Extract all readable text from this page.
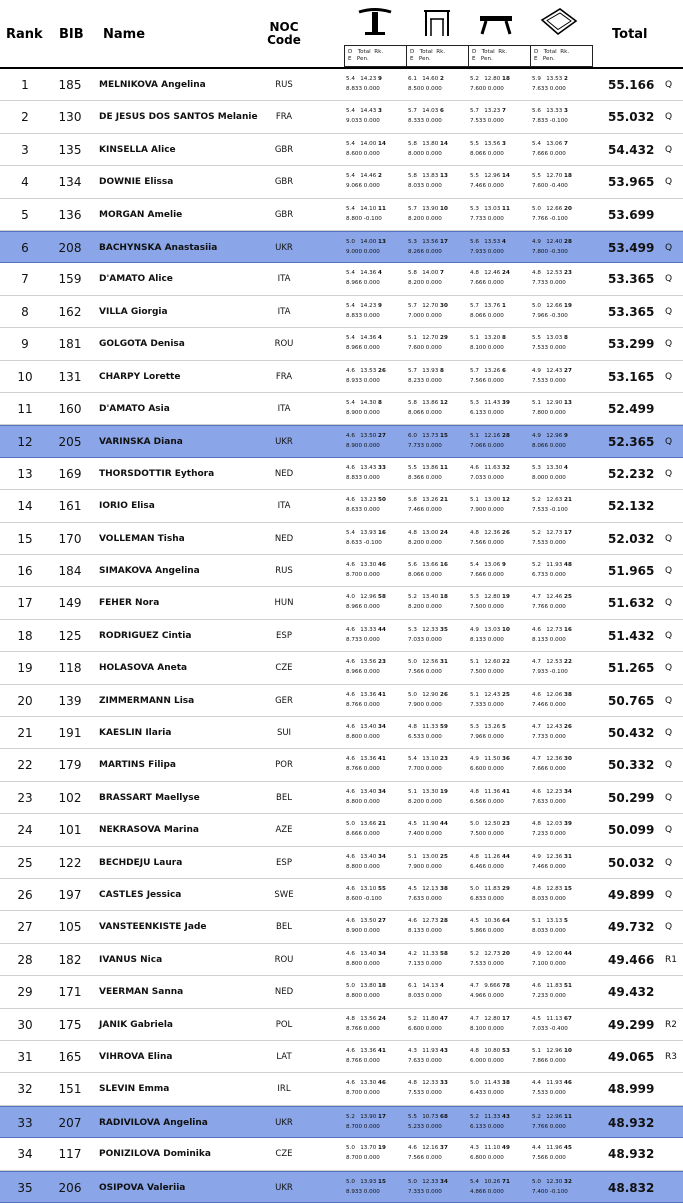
Rank BIB Name	NOC
Code	Total
D   Total  Rk.
E   Pen.
D   Total  Rk.
E   Pen.
D   Total  Rk.
E   Pen.
D   Total  Rk.
E   Pen.
1	185	MELNIKOVA Angelina	RUS
5.4 14.23 9
8.833 0.000
6.1 14.60 2
8.500 0.000
5.2 12.80 18
7.600 0.000
5.9 13.53 2
7.633 0.000	55.166 Q
2	130	DE JESUS DOS SANTOS Melanie	FRA
5.4 14.43 3
9.033 0.000
5.7 14.03 6
8.333 0.000
5.7 13.23 7
7.533 0.000
5.6 13.33 3
7.833 -0.100	55.032 Q
3	135	KINSELLA Alice	GBR
5.4 14.00 14
8.600 0.000
5.8 13.80 14
8.000 0.000
5.5 13.56 3
8.066 0.000
5.4 13.06 7
7.666 0.000	54.432 Q
4	134	DOWNIE Elissa	GBR
5.4 14.46 2
9.066 0.000
5.8 13.83 13
8.033 0.000
5.5 12.96 14
7.466 0.000
5.5 12.70 18
7.600 -0.400	53.965 Q
5	136	MORGAN Amelie	GBR
5.4 14.10 11
8.800 -0.100
5.7 13.90 10
8.200 0.000
5.3 13.03 11
7.733 0.000
5.0 12.66 20
7.766 -0.100	53.699
6	208	BACHYNSKA Anastasiia	UKR
5.0 14.00 13
9.000 0.000
5.3 13.56 17
8.266 0.000
5.6 13.53 4
7.933 0.000
4.9 12.40 28
7.800 -0.300	53.499 Q
7	159	D'AMATO Alice	ITA
5.4 14.36 4
8.966 0.000
5.8 14.00 7
8.200 0.000
4.8 12.46 24
7.666 0.000
4.8 12.53 23
7.733 0.000	53.365 Q
8	162	VILLA Giorgia	ITA
5.4 14.23 9
8.833 0.000
5.7 12.70 30
7.000 0.000
5.7 13.76 1
8.066 0.000
5.0 12.66 19
7.966 -0.300	53.365 Q
9	181	GOLGOTA Denisa	ROU
5.4 14.36 4
8.966 0.000
5.1 12.70 29
7.600 0.000
5.1 13.20 8
8.100 0.000
5.5 13.03 8
7.533 0.000	53.299 Q
10	131	CHARPY Lorette	FRA
4.6 13.53 26
8.933 0.000
5.7 13.93 8
8.233 0.000
5.7 13.26 6
7.566 0.000
4.9 12.43 27
7.533 0.000	53.165 Q
11	160	D'AMATO Asia	ITA
5.4 14.30 8
8.900 0.000
5.8 13.86 12
8.066 0.000
5.3 11.43 39
6.133 0.000
5.1 12.90 13
7.800 0.000	52.499
12	205	VARINSKA Diana	UKR
4.6 13.50 27
8.900 0.000
6.0 13.73 15
7.733 0.000
5.1 12.16 28
7.066 0.000
4.9 12.96 9
8.066 0.000	52.365 Q
13	169	THORSDOTTIR Eythora	NED
4.6 13.43 33
8.833 0.000
5.5 13.86 11
8.366 0.000
4.6 11.63 32
7.033 0.000
5.3 13.30 4
8.000 0.000	52.232 Q
14	161	IORIO Elisa	ITA
4.6 13.23 50
8.633 0.000
5.8 13.26 21
7.466 0.000
5.1 13.00 12
7.900 0.000
5.2 12.63 21
7.533 -0.100	52.132
15	170	VOLLEMAN Tisha	NED
5.4 13.93 16
8.633 -0.100
4.8 13.00 24
8.200 0.000
4.8 12.36 26
7.566 0.000
5.2 12.73 17
7.533 0.000	52.032 Q
16	184	SIMAKOVA Angelina	RUS
4.6 13.30 46
8.700 0.000
5.6 13.66 16
8.066 0.000
5.4 13.06 9
7.666 0.000
5.2 11.93 48
6.733 0.000	51.965 Q
17	149	FEHER Nora	HUN
4.0 12.96 58
8.966 0.000
5.2 13.40 18
8.200 0.000
5.3 12.80 19
7.500 0.000
4.7 12.46 25
7.766 0.000	51.632 Q
18	125	RODRIGUEZ Cintia	ESP
4.6 13.33 44
8.733 0.000
5.3 12.33 35
7.033 0.000
4.9 13.03 10
8.133 0.000
4.6 12.73 16
8.133 0.000	51.432 Q
19	118	HOLASOVA Aneta	CZE
4.6 13.56 23
8.966 0.000
5.0 12.56 31
7.566 0.000
5.1 12.60 22
7.500 0.000
4.7 12.53 22
7.933 -0.100	51.265 Q
20	139	ZIMMERMANN Lisa	GER
4.6 13.36 41
8.766 0.000
5.0 12.90 26
7.900 0.000
5.1 12.43 25
7.333 0.000
4.6 12.06 38
7.466 0.000	50.765 Q
21	191	KAESLIN Ilaria	SUI
4.6 13.40 34
8.800 0.000
4.8 11.33 59
6.533 0.000
5.3 13.26 5
7.966 0.000
4.7 12.43 26
7.733 0.000	50.432 Q
22	179	MARTINS Filipa	POR
4.6 13.36 41
8.766 0.000
5.4 13.10 23
7.700 0.000
4.9 11.50 36
6.600 0.000
4.7 12.36 30
7.666 0.000	50.332 Q
23	102	BRASSART Maellyse	BEL
4.6 13.40 34
8.800 0.000
5.1 13.30 19
8.200 0.000
4.8 11.36 41
6.566 0.000
4.6 12.23 34
7.633 0.000	50.299 Q
24	101	NEKRASOVA Marina	AZE
5.0 13.66 21
8.666 0.000
4.5 11.90 44
7.400 0.000
5.0 12.50 23
7.500 0.000
4.8 12.03 39
7.233 0.000	50.099 Q
25	122	BECHDEJU Laura	ESP
4.6 13.40 34
8.800 0.000
5.1 13.00 25
7.900 0.000
4.8 11.26 44
6.466 0.000
4.9 12.36 31
7.466 0.000	50.032 Q
26	197	CASTLES Jessica	SWE
4.6 13.10 55
8.600 -0.100
4.5 12.13 38
7.633 0.000
5.0 11.83 29
6.833 0.000
4.8 12.83 15
8.033 0.000	49.899 Q
27	105	VANSTEENKISTE Jade	BEL
4.6 13.50 27
8.900 0.000
4.6 12.73 28
8.133 0.000
4.5 10.36 64
5.866 0.000
5.1 13.13 5
8.033 0.000	49.732 Q
28	182	IVANUS Nica	ROU
4.6 13.40 34
8.800 0.000
4.2 11.33 58
7.133 0.000
5.2 12.73 20
7.533 0.000
4.9 12.00 44
7.100 0.000	49.466 R1
29	171	VEERMAN Sanna	NED
5.0 13.80 18
8.800 0.000
6.1 14.13 4
8.033 0.000
4.7 9.666 78
4.966 0.000
4.6 11.83 51
7.233 0.000	49.432
30	175	JANIK Gabriela	POL
4.8 13.56 24
8.766 0.000
5.2 11.80 47
6.600 0.000
4.7 12.80 17
8.100 0.000
4.5 11.13 67
7.033 -0.400	49.299 R2
31	165	VIHROVA Elina	LAT
4.6 13.36 41
8.766 0.000
4.3 11.93 43
7.633 0.000
4.8 10.80 53
6.000 0.000
5.1 12.96 10
7.866 0.000	49.065 R3
32	151	SLEVIN Emma	IRL
4.6 13.30 46
8.700 0.000
4.8 12.33 33
7.533 0.000
5.0 11.43 38
6.433 0.000
4.4 11.93 46
7.533 0.000	48.999
33	207	RADIVILOVA Angelina	UKR
5.2 13.90 17
8.700 0.000
5.5 10.73 68
5.233 0.000
5.2 11.33 43
6.133 0.000
5.2 12.96 11
7.766 0.000	48.932
34	117	PONIZILOVA Dominika	CZE
5.0 13.70 19
8.700 0.000
4.6 12.16 37
7.566 0.000
4.3 11.10 49
6.800 0.000
4.4 11.96 45
7.566 0.000	48.932
35	206	OSIPOVA Valeriia	UKR
5.0 13.93 15
8.933 0.000
5.0 12.33 34
7.333 0.000
5.4 10.26 71
4.866 0.000
5.0 12.30 32
7.400 -0.100	48.832
